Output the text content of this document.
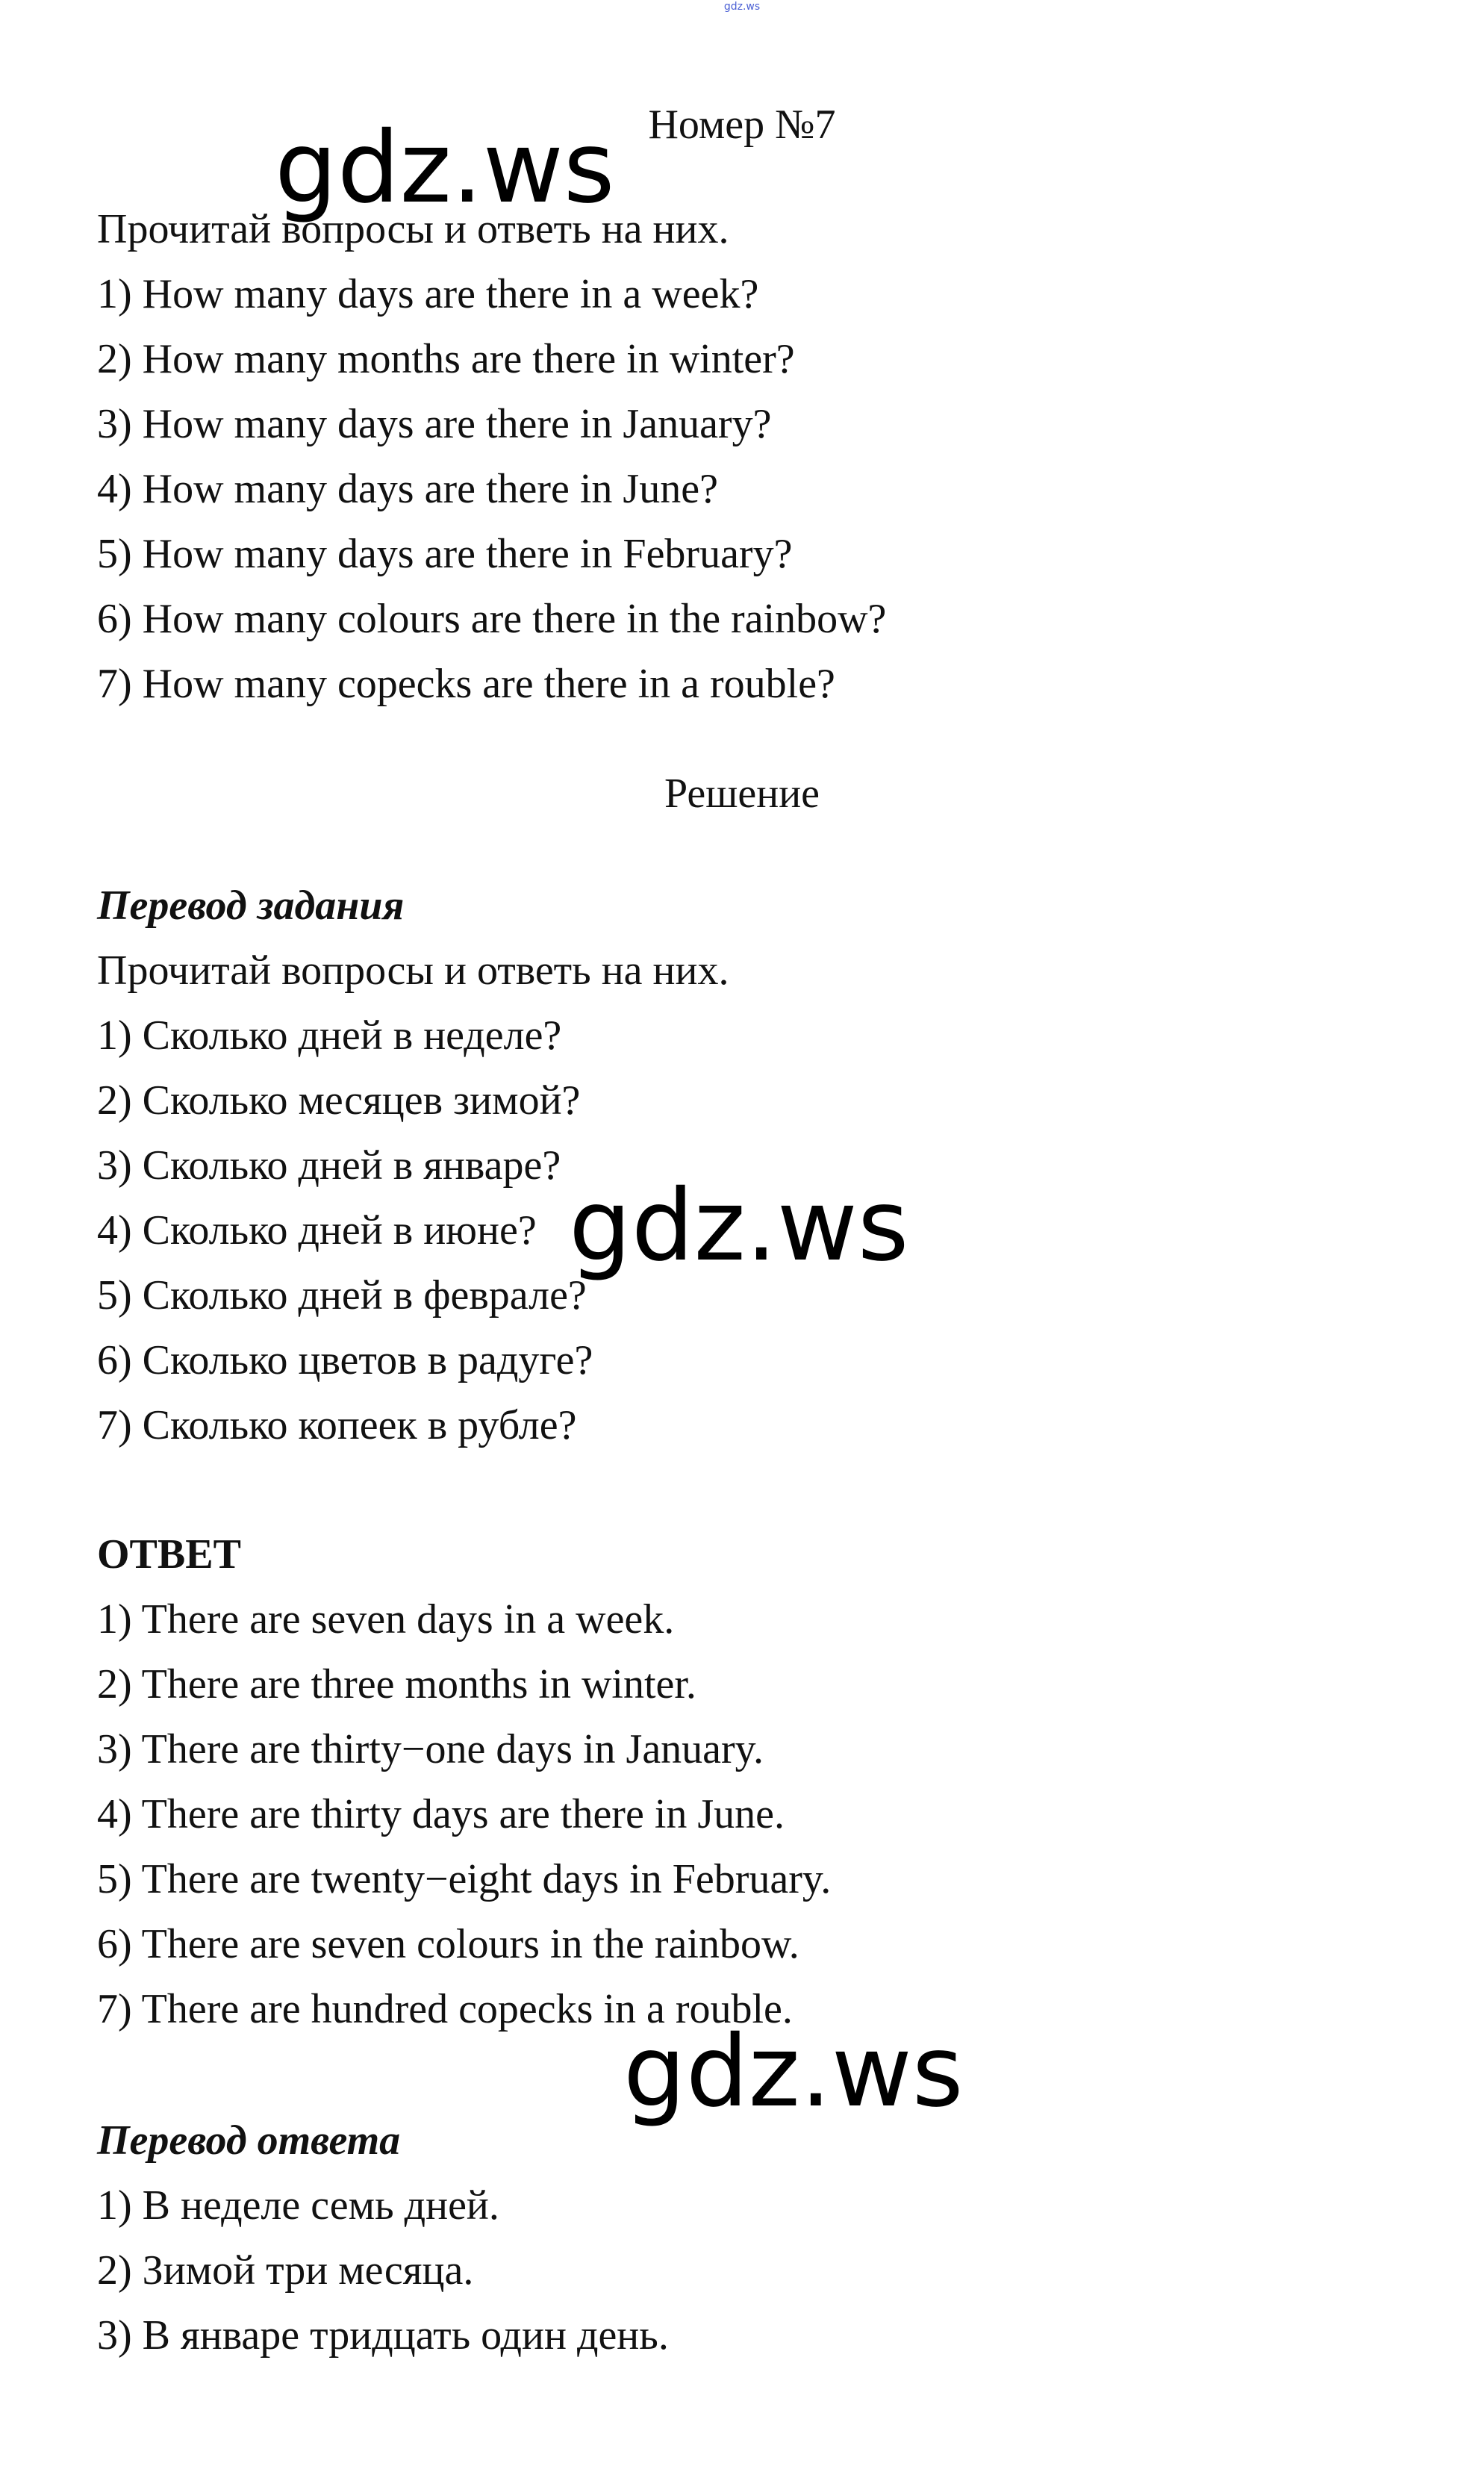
gdz.ws

Номер №7

Прочитай вопросы и ответь на них.

1) How many days are there in a week?

2) How many months are there in winter?

3) How many days are there in January?

4) How many days are there in June?

5) How many days are there in February?

6) How many colours are there in the rainbow?

7) How many copecks are there in a rouble?

Решение

Перевод задания

Прочитай вопросы и ответь на них.

1) Сколько дней в неделе?

2) Сколько месяцев зимой?

3) Сколько дней в январе?

4) Сколько дней в июне?

5) Сколько дней в феврале?

6) Сколько цветов в радуге?

7) Сколько копеек в рубле?

ОТВЕТ

1) There are seven days in a week.

2) There are three months in winter.

3) There are thirty−one days in January.

4) There are thirty days are there in June.

5) There are twenty−eight days in February.

6) There are seven colours in the rainbow.

7) There are hundred copecks in a rouble.

Перевод ответа

1) В неделе семь дней.

2) Зимой три месяца.

3) В январе тридцать один день.

gdz.ws

gdz.ws

gdz.ws
